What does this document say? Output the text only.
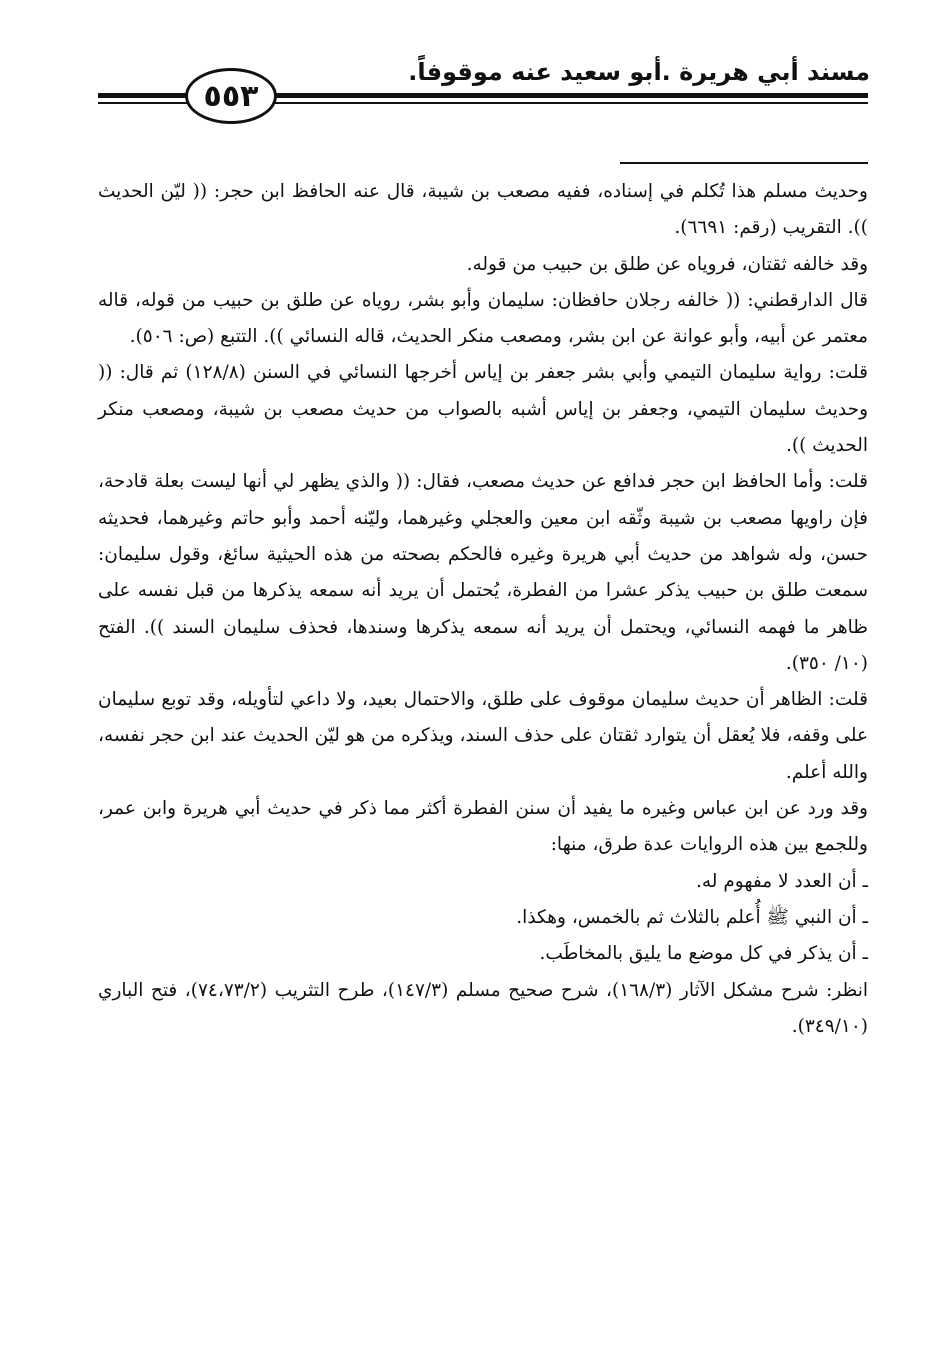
مسند أبي هريرة .أبو سعيد عنه موقوفاً.
٥٥٣

وحديث مسلم هذا تُكلم في إسناده، ففيه مصعب بن شيبة، قال عنه الحافظ ابن حجر: (( ليّن الحديث )). التقريب (رقم: ٦٦٩١).

وقد خالفه ثقتان، فروياه عن طلق بن حبيب من قوله.

قال الدارقطني: (( خالفه رجلان حافظان: سليمان وأبو بشر، روياه عن طلق بن حبيب من قوله، قاله معتمر عن أبيه، وأبو عوانة عن ابن بشر، ومصعب منكر الحديث، قاله النسائي )). التتبع (ص: ٥٠٦).

قلت: رواية سليمان التيمي وأبي بشر جعفر بن إياس أخرجها النسائي في السنن (١٢٨/٨) ثم قال: (( وحديث سليمان التيمي، وجعفر بن إياس أشبه بالصواب من حديث مصعب بن شيبة، ومصعب منكر الحديث )).

قلت: وأما الحافظ ابن حجر فدافع عن حديث مصعب، فقال: (( والذي يظهر لي أنها ليست بعلة قادحة، فإن راويها مصعب بن شيبة وثّقه ابن معين والعجلي وغيرهما، وليّنه أحمد وأبو حاتم وغيرهما، فحديثه حسن، وله شواهد من حديث أبي هريرة وغيره فالحكم بصحته من هذه الحيثية سائغ، وقول سليمان: سمعت طلق بن حبيب يذكر عشرا من الفطرة، يُحتمل أن يريد أنه سمعه يذكرها من قبل نفسه على ظاهر ما فهمه النسائي، ويحتمل أن يريد أنه سمعه يذكرها وسندها، فحذف سليمان السند )). الفتح (١٠/ ٣٥٠).

قلت: الظاهر أن حديث سليمان موقوف على طلق، والاحتمال بعيد، ولا داعي لتأويله، وقد توبع سليمان على وقفه، فلا يُعقل أن يتوارد ثقتان على حذف السند، ويذكره من هو ليّن الحديث عند ابن حجر نفسه، والله أعلم.

وقد ورد عن ابن عباس وغيره ما يفيد أن سنن الفطرة أكثر مما ذكر في حديث أبي هريرة وابن عمر، وللجمع بين هذه الروايات عدة طرق، منها:

ـ أن العدد لا مفهوم له.

ـ أن النبي ﷺ أُعلم بالثلاث ثم بالخمس، وهكذا.

ـ أن يذكر في كل موضع ما يليق بالمخاطَب.

انظر: شرح مشكل الآثار (١٦٨/٣)، شرح صحيح مسلم (١٤٧/٣)، طرح التثريب (٧٤،٧٣/٢)، فتح الباري (٣٤٩/١٠).
